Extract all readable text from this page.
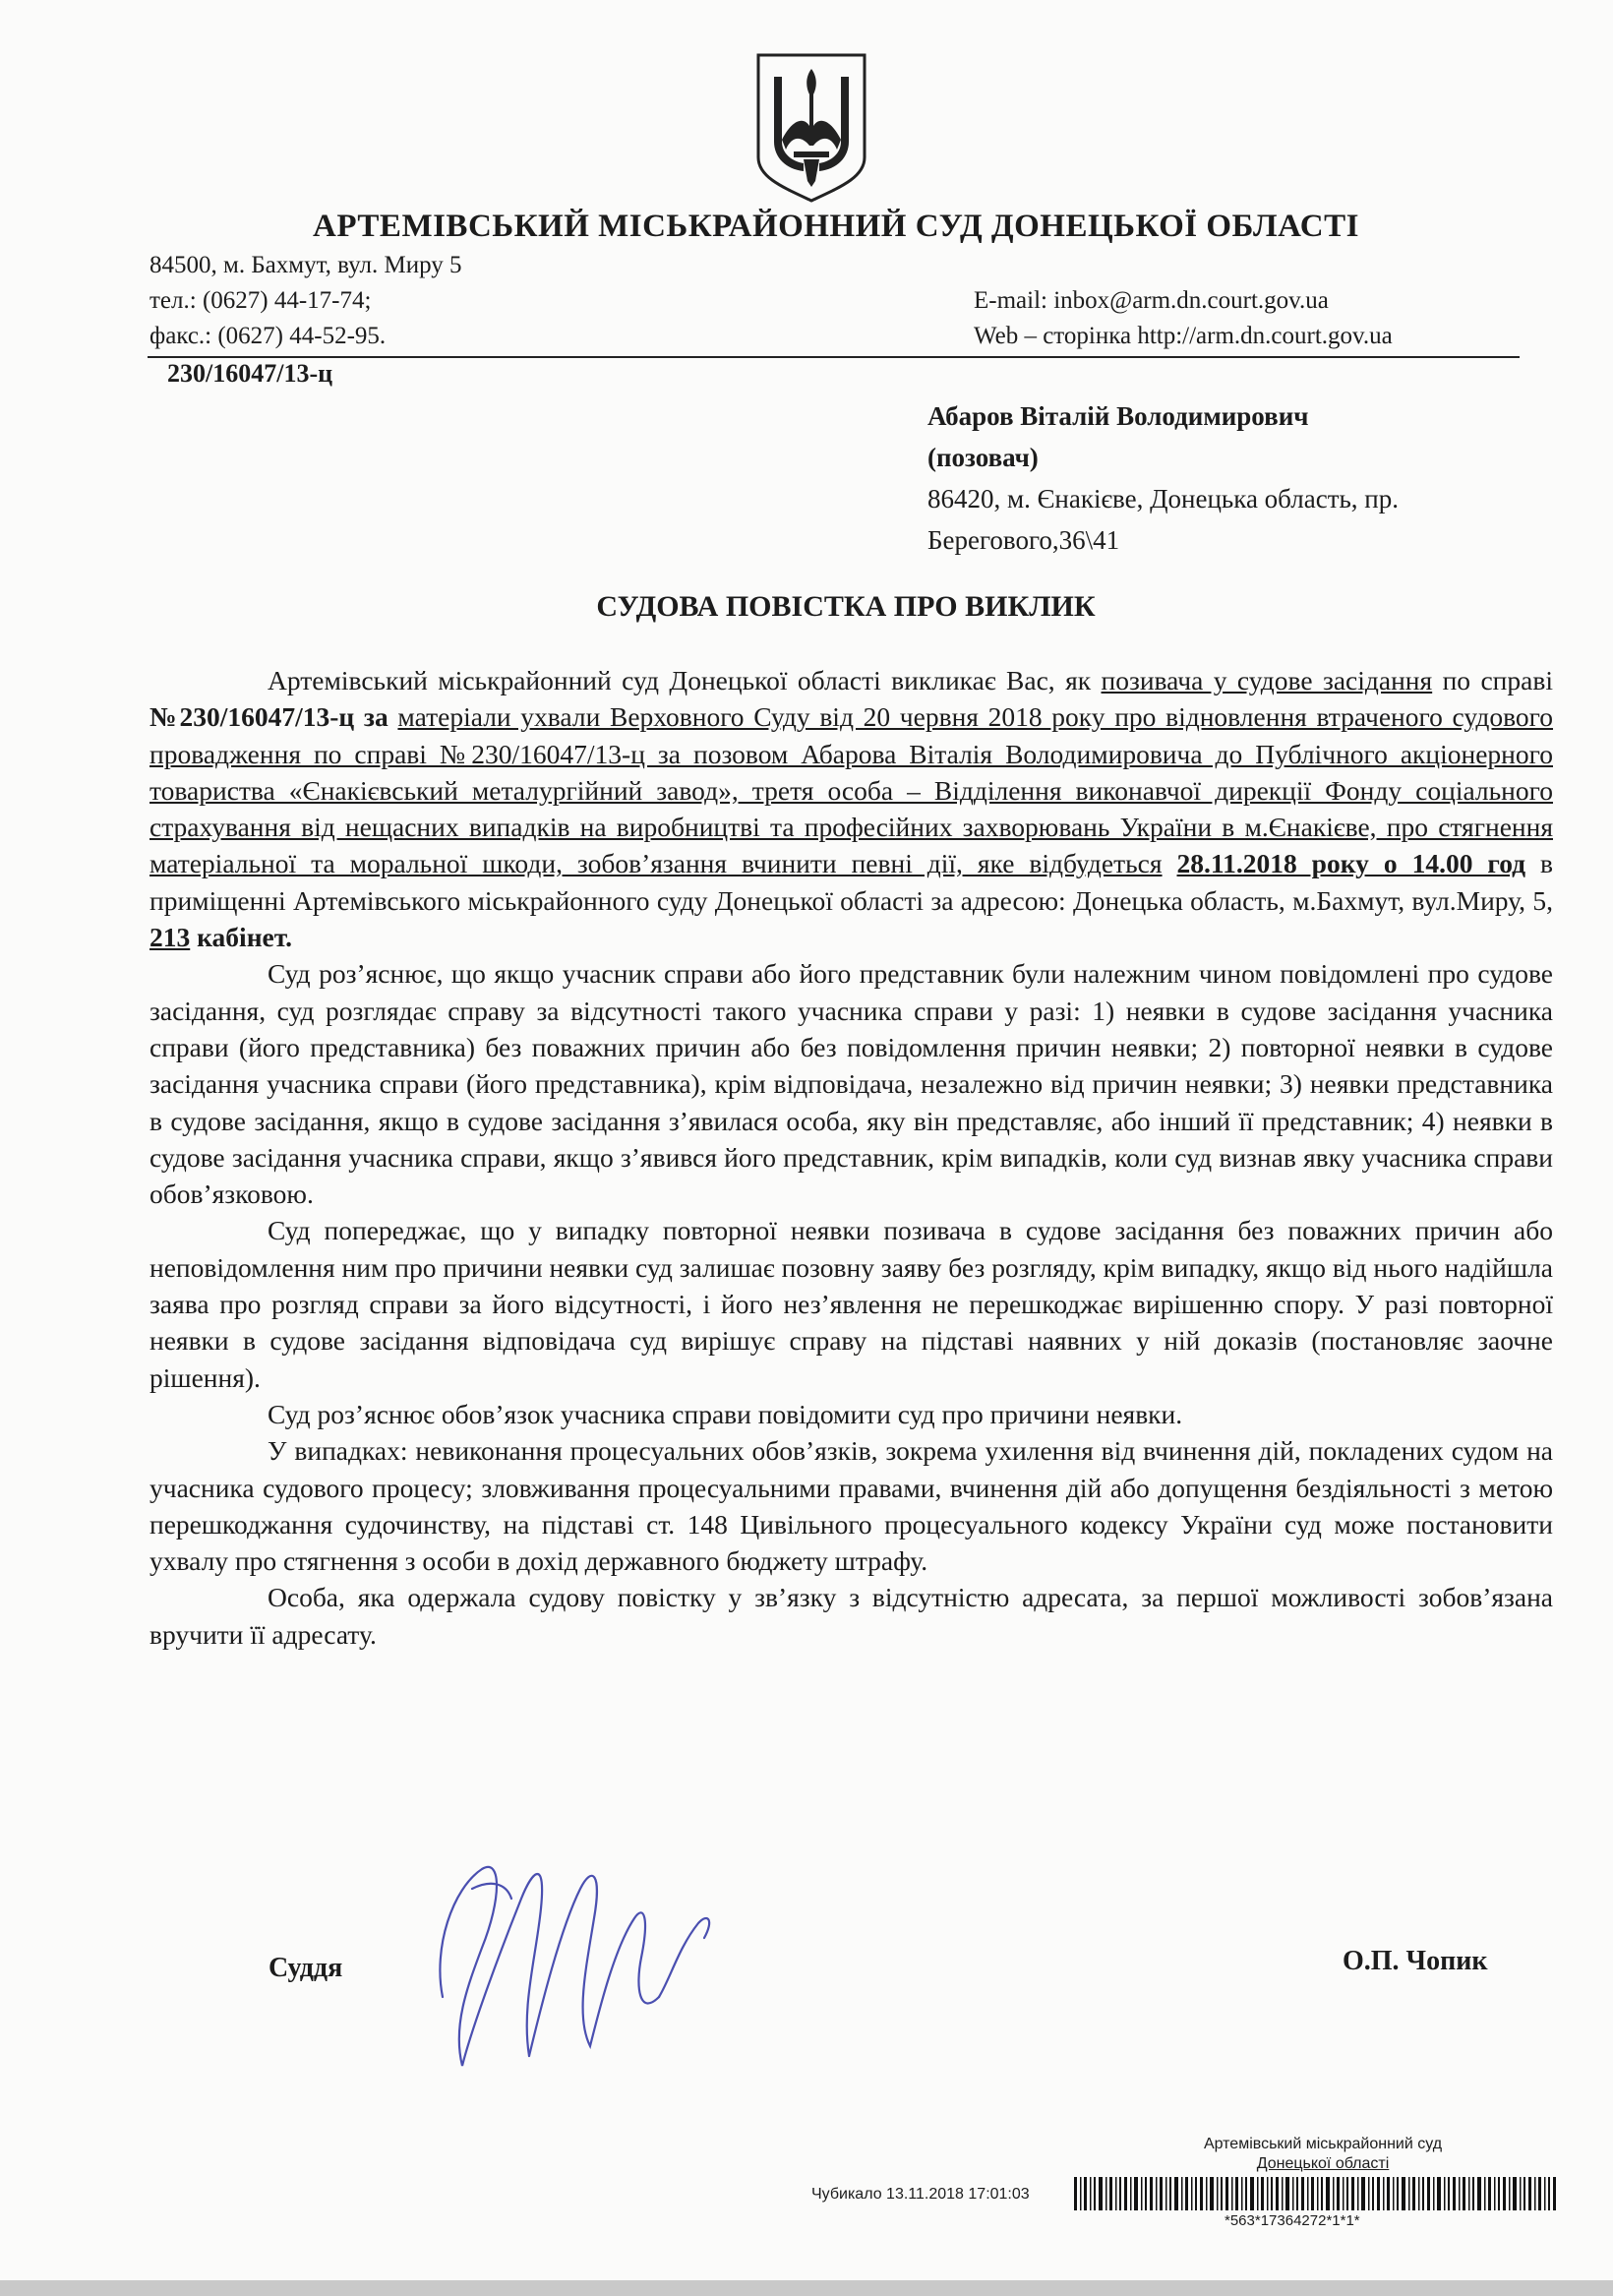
АРТЕМІВСЬКИЙ МІСЬКРАЙОННИЙ СУД ДОНЕЦЬКОЇ ОБЛАСТІ
84500, м. Бахмут, вул. Миру 5
тел.: (0627) 44-17-74;
факс.: (0627) 44-52-95.
E-mail: inbox@arm.dn.court.gov.ua
Web – сторінка http://arm.dn.court.gov.ua
230/16047/13-ц
Абаров Віталій Володимирович
(позовач)
86420, м. Єнакієве, Донецька область, пр.
Берегового,36\41
СУДОВА ПОВІСТКА ПРО ВИКЛИК

Артемівський міськрайонний суд Донецької області викликає Вас, як позивача у судове засідання по справі №230/16047/13-ц за матеріали ухвали Верховного Суду від 20 червня 2018 року про відновлення втраченого судового провадження по справі №230/16047/13-ц за позовом Абарова Віталія Володимировича до Публічного акціонерного товариства «Єнакієвський металургійний завод», третя особа – Відділення виконавчої дирекції Фонду соціального страхування від нещасних випадків на виробництві та професійних захворювань України в м.Єнакієве, про стягнення матеріальної та моральної шкоди, зобов’язання вчинити певні дії, яке відбудеться 28.11.2018 року о 14.00 год в приміщенні Артемівського міськрайонного суду Донецької області за адресою: Донецька область, м.Бахмут, вул.Миру, 5, 213 кабінет.

Суд роз’яснює, що якщо учасник справи або його представник були належним чином повідомлені про судове засідання, суд розглядає справу за відсутності такого учасника справи у разі: 1) неявки в судове засідання учасника справи (його представника) без поважних причин або без повідомлення причин неявки; 2) повторної неявки в судове засідання учасника справи (його представника), крім відповідача, незалежно від причин неявки; 3) неявки представника в судове засідання, якщо в судове засідання з’явилася особа, яку він представляє, або інший її представник; 4) неявки в судове засідання учасника справи, якщо з’явився його представник, крім випадків, коли суд визнав явку учасника справи обов’язковою.

Суд попереджає, що у випадку повторної неявки позивача в судове засідання без поважних причин або неповідомлення ним про причини неявки суд залишає позовну заяву без розгляду, крім випадку, якщо від нього надійшла заява про розгляд справи за його відсутності, і його нез’явлення не перешкоджає вирішенню спору. У разі повторної неявки в судове засідання відповідача суд вирішує справу на підставі наявних у ній доказів (постановляє заочне рішення).

Суд роз’яснює обов’язок учасника справи повідомити суд про причини неявки.

У випадках: невиконання процесуальних обов’язків, зокрема ухилення від вчинення дій, покладених судом на учасника судового процесу; зловживання процесуальними правами, вчинення дій або допущення бездіяльності з метою перешкоджання судочинству, на підставі ст. 148 Цивільного процесуального кодексу України суд може постановити ухвалу про стягнення з особи в дохід державного бюджету штрафу.

Особа, яка одержала судову повістку у зв’язку з відсутністю адресата, за першої можливості зобов’язана вручити її адресату.

Суддя	О.П. Чопик
Артемівський міськрайонний суд
Донецької області
Чубикало 13.11.2018 17:01:03
*563*17364272*1*1*
